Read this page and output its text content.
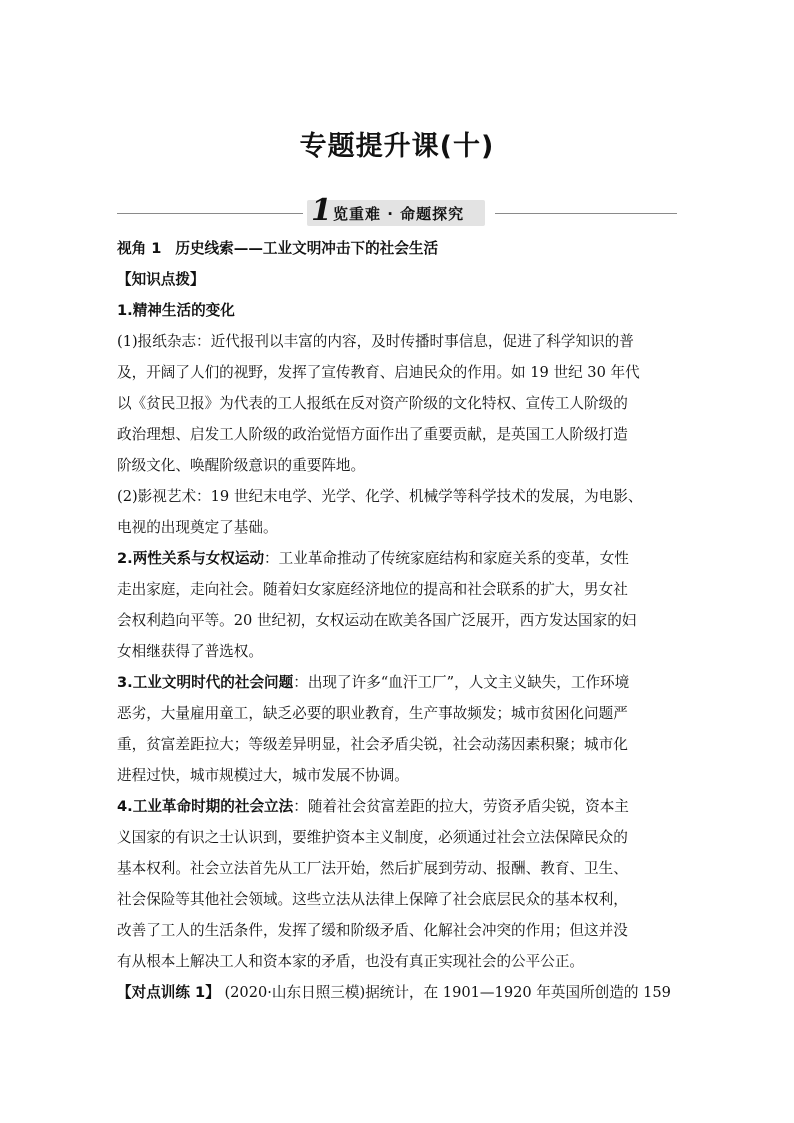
专题提升课(十)
1 览重难 · 命题探究
视角 1 历史线索——工业文明冲击下的社会生活
【知识点拨】
1.精神生活的变化
(1)报纸杂志：近代报刊以丰富的内容，及时传播时事信息，促进了科学知识的普
及，开阔了人们的视野，发挥了宣传教育、启迪民众的作用。如 19 世纪 30 年代
以《贫民卫报》为代表的工人报纸在反对资产阶级的文化特权、宣传工人阶级的
政治理想、启发工人阶级的政治觉悟方面作出了重要贡献，是英国工人阶级打造
阶级文化、唤醒阶级意识的重要阵地。
(2)影视艺术：19 世纪末电学、光学、化学、机械学等科学技术的发展，为电影、
电视的出现奠定了基础。
2.两性关系与女权运动：工业革命推动了传统家庭结构和家庭关系的变革，女性
走出家庭，走向社会。随着妇女家庭经济地位的提高和社会联系的扩大，男女社
会权利趋向平等。20 世纪初，女权运动在欧美各国广泛展开，西方发达国家的妇
女相继获得了普选权。
3.工业文明时代的社会问题：出现了许多“血汗工厂”，人文主义缺失，工作环境
恶劣，大量雇用童工，缺乏必要的职业教育，生产事故频发；城市贫困化问题严
重，贫富差距拉大；等级差异明显，社会矛盾尖锐，社会动荡因素积聚；城市化
进程过快，城市规模过大，城市发展不协调。
4.工业革命时期的社会立法：随着社会贫富差距的拉大，劳资矛盾尖锐，资本主
义国家的有识之士认识到，要维护资本主义制度，必须通过社会立法保障民众的
基本权利。社会立法首先从工厂法开始，然后扩展到劳动、报酬、教育、卫生、
社会保险等其他社会领域。这些立法从法律上保障了社会底层民众的基本权利，
改善了工人的生活条件，发挥了缓和阶级矛盾、化解社会冲突的作用；但这并没
有从根本上解决工人和资本家的矛盾，也没有真正实现社会的公平公正。
【对点训练 1】 (2020·山东日照三模)据统计，在 1901—1920 年英国所创造的 159
